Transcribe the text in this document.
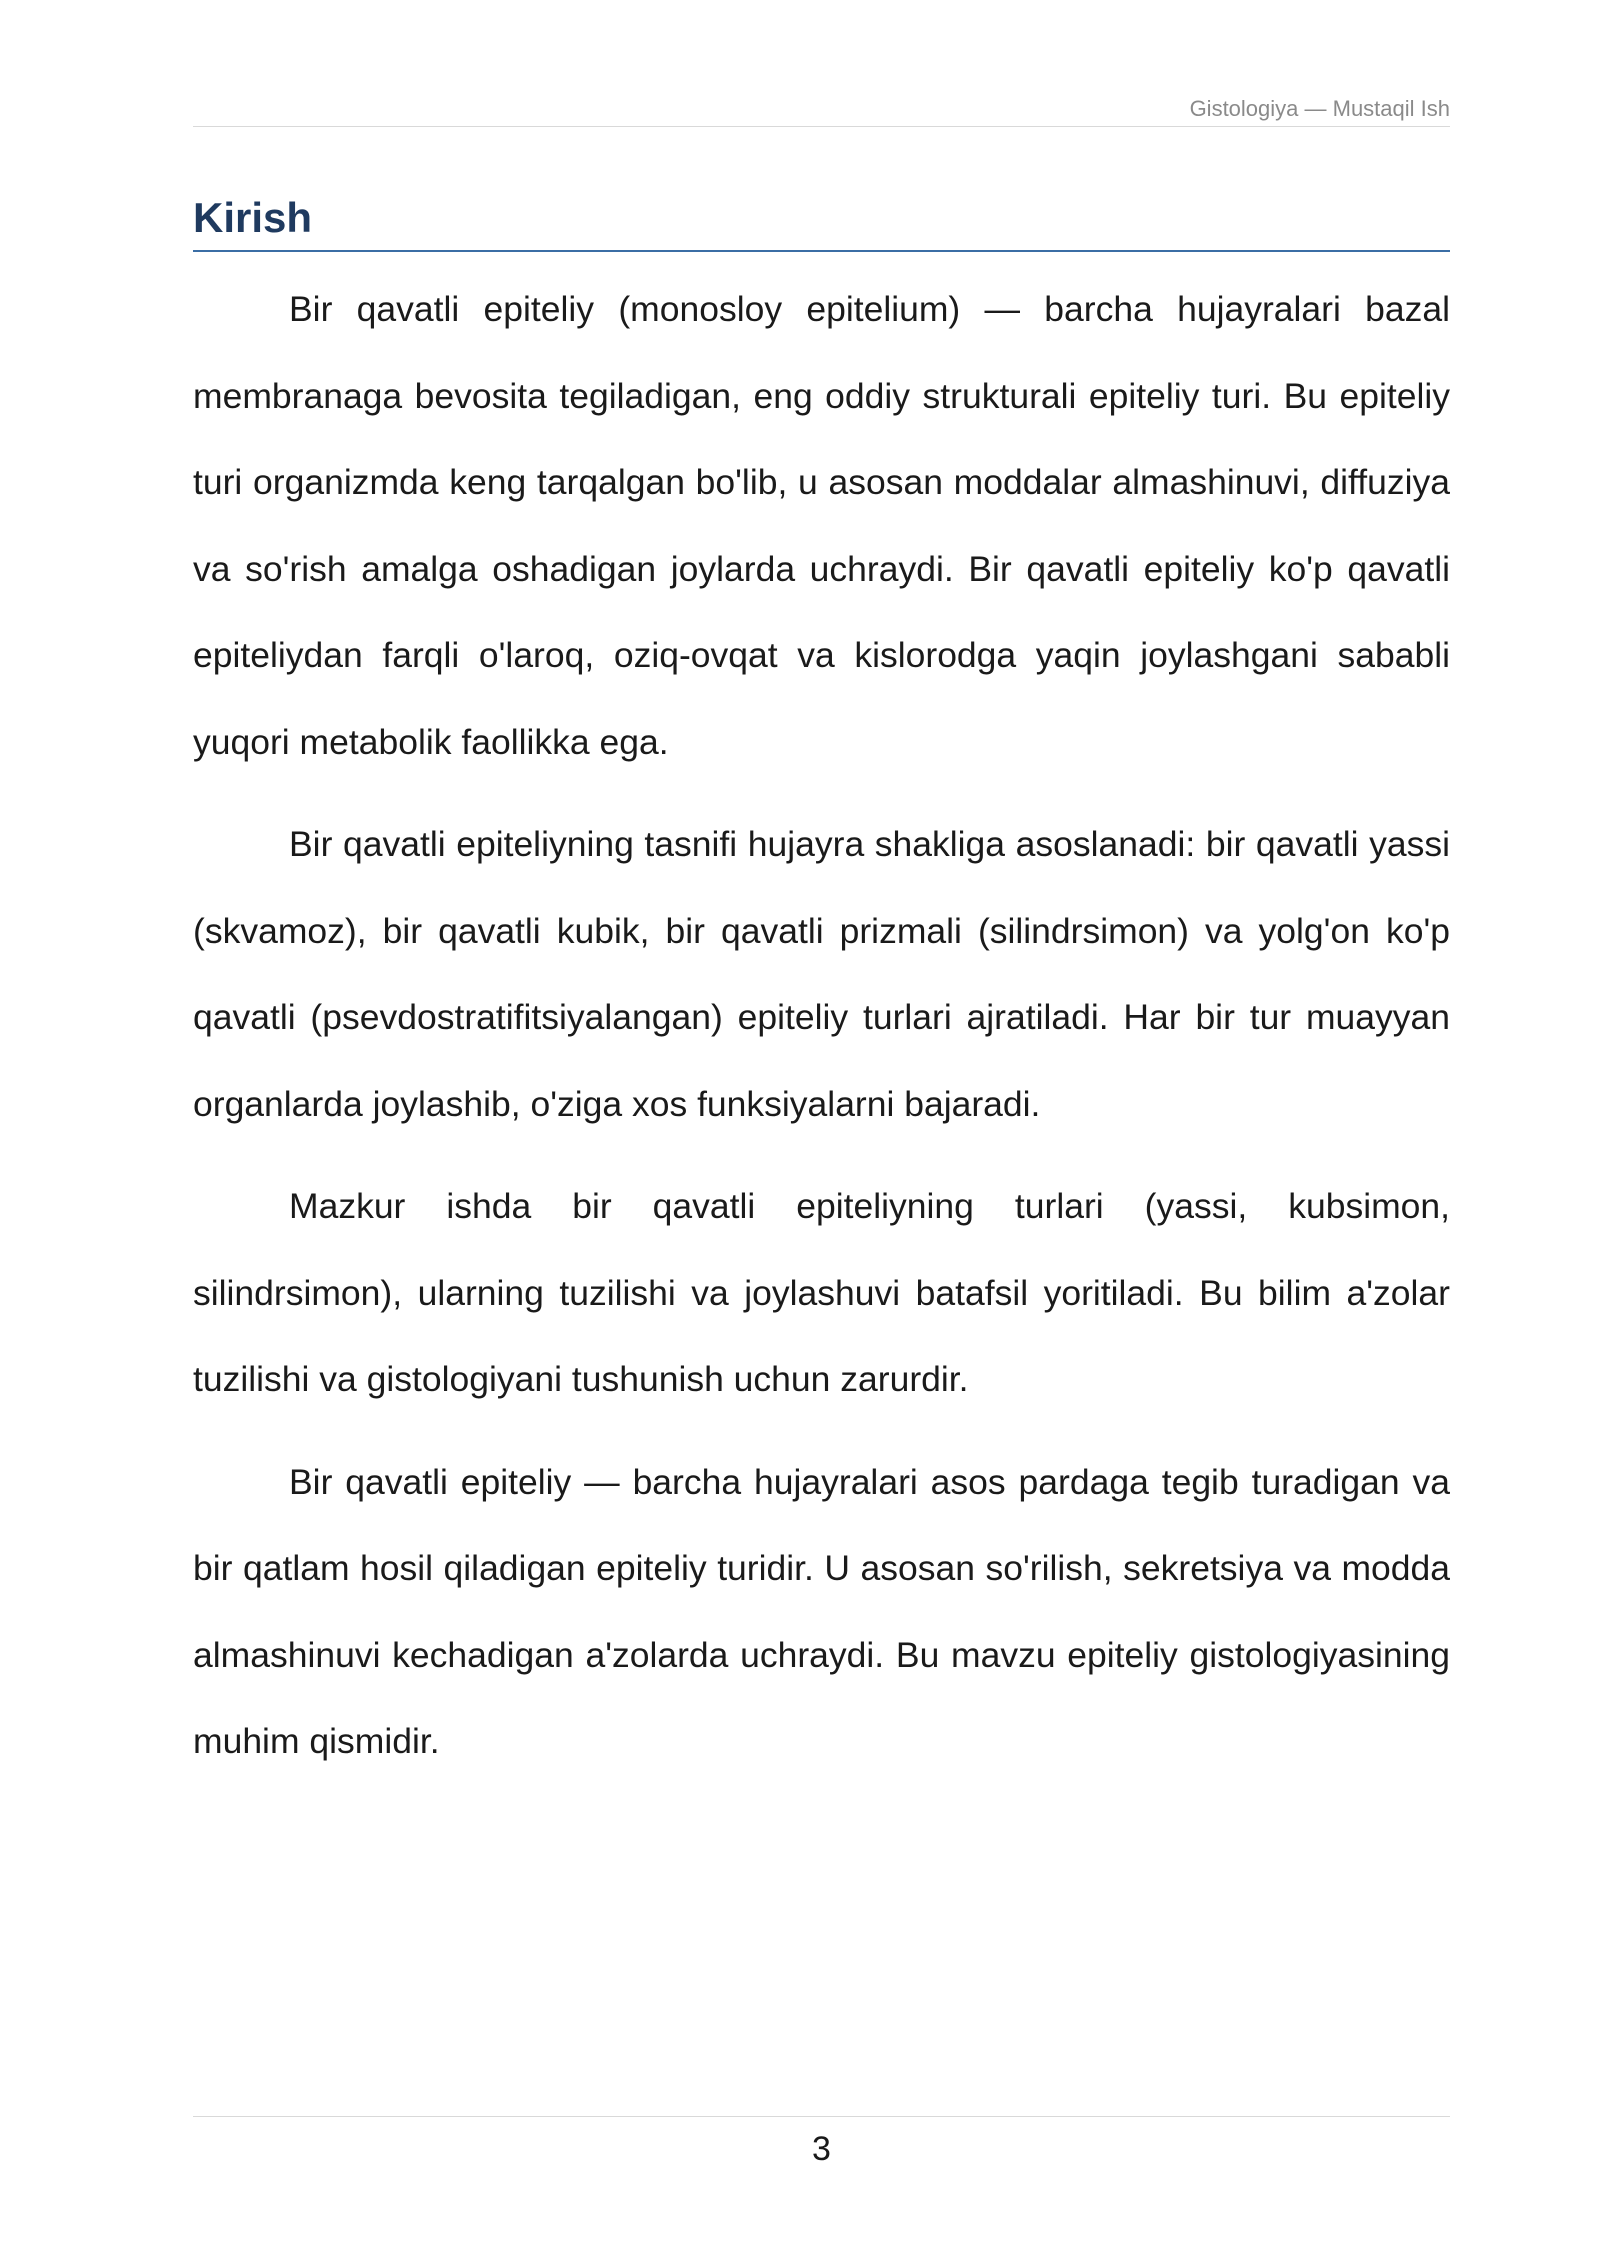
Gistologiya — Mustaqil Ish
Kirish

Bir qavatli epiteliy (monosloy epitelium) — barcha hujayralari bazal membranaga bevosita tegiladigan, eng oddiy strukturali epiteliy turi. Bu epiteliy turi organizmda keng tarqalgan bo'lib, u asosan moddalar almashinuvi, diffuziya va so'rish amalga oshadigan joylarda uchraydi. Bir qavatli epiteliy ko'p qavatli epiteliydan farqli o'laroq, oziq-ovqat va kislorodga yaqin joylashgani sababli yuqori metabolik faollikka ega.

Bir qavatli epiteliyning tasnifi hujayra shakliga asoslanadi: bir qavatli yassi (skvamoz), bir qavatli kubik, bir qavatli prizmali (silindrsimon) va yolg'on ko'p qavatli (psevdostratifitsiyalangan) epiteliy turlari ajratiladi. Har bir tur muayyan organlarda joylashib, o'ziga xos funksiyalarni bajaradi.

Mazkur ishda bir qavatli epiteliyning turlari (yassi, kubsimon, silindrsimon), ularning tuzilishi va joylashuvi batafsil yoritiladi. Bu bilim a'zolar tuzilishi va gistologiyani tushunish uchun zarurdir.

Bir qavatli epiteliy — barcha hujayralari asos pardaga tegib turadigan va bir qatlam hosil qiladigan epiteliy turidir. U asosan so'rilish, sekretsiya va modda almashinuvi kechadigan a'zolarda uchraydi. Bu mavzu epiteliy gistologiyasining muhim qismidir.

3
